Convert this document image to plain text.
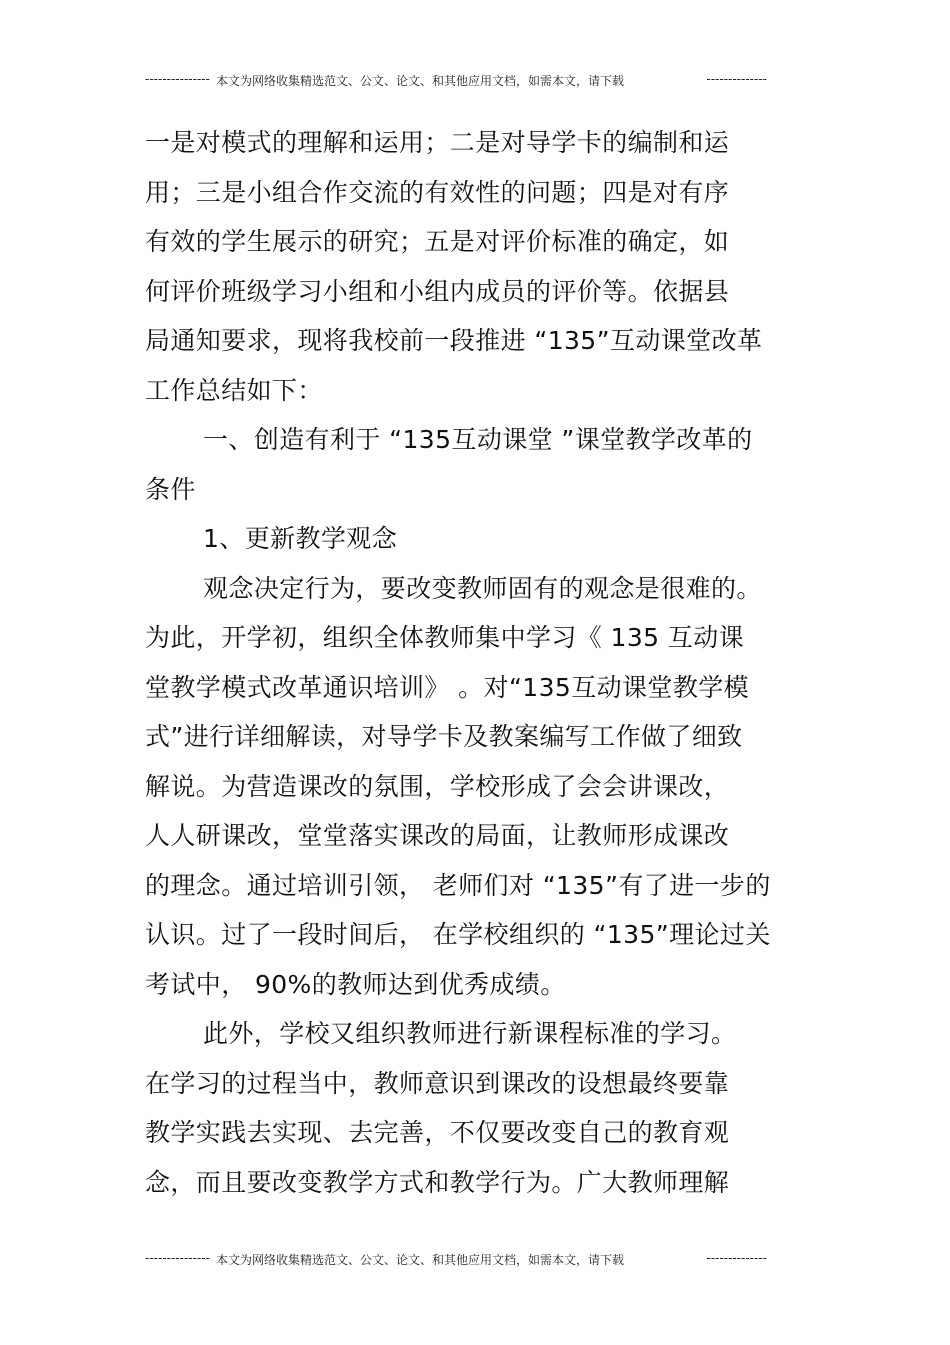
--------------- 本文为网络收集精选范文、公文、论文、和其他应用文档，如需本文，请下载	--------------
一是对模式的理解和运用；二是对导学卡的编制和运
用；三是小组合作交流的有效性的问题；四是对有序
有效的学生展示的研究；五是对评价标准的确定，如
何评价班级学习小组和小组内成员的评价等。依据县
局通知要求，现将我校前一段推进 “135”互动课堂改革
工作总结如下：
一、创造有利于 “135互动课堂 ”课堂教学改革的
条件
1、更新教学观念
观念决定行为，要改变教师固有的观念是很难的。
为此，开学初，组织全体教师集中学习《 135 互动课
堂教学模式改革通识培训》 。对“135互动课堂教学模
式”进行详细解读，对导学卡及教案编写工作做了细致
解说。为营造课改的氛围，学校形成了会会讲课改，
人人研课改，堂堂落实课改的局面，让教师形成课改
的理念。通过培训引领， 老师们对 “135”有了进一步的
认识。过了一段时间后， 在学校组织的 “135”理论过关
考试中， 90%的教师达到优秀成绩。
此外，学校又组织教师进行新课程标准的学习。
在学习的过程当中，教师意识到课改的设想最终要靠
教学实践去实现、去完善，不仅要改变自己的教育观
念，而且要改变教学方式和教学行为。广大教师理解
--------------- 本文为网络收集精选范文、公文、论文、和其他应用文档，如需本文，请下载	--------------
